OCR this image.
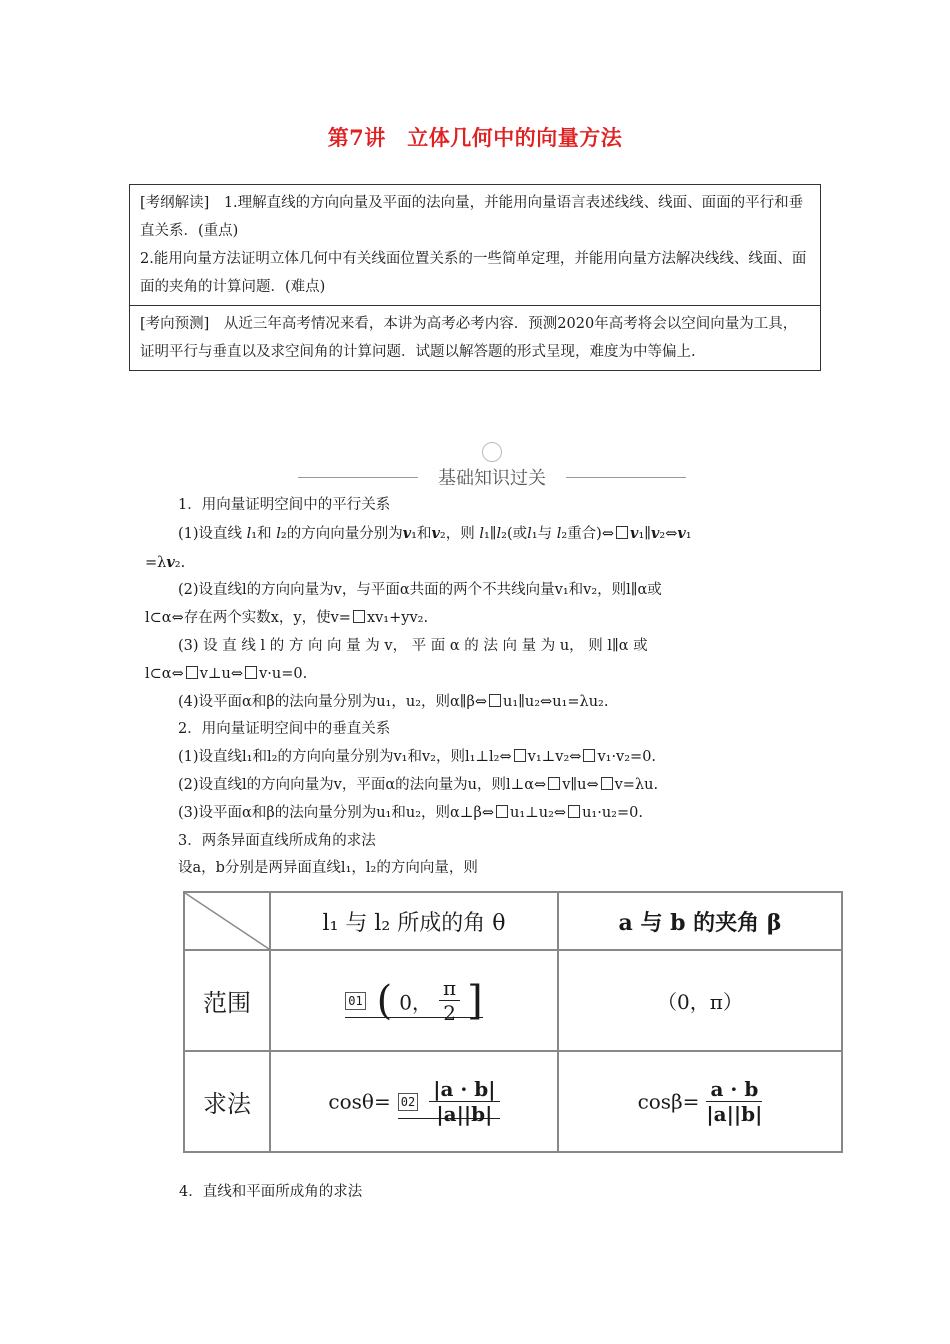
第7讲　立体几何中的向量方法

[考纲解读]　1.理解直线的方向向量及平面的法向量，并能用向量语言表述线线、线面、面面的平行和垂直关系．(重点)

2.能用向量方法证明立体几何中有关线面位置关系的一些简单定理，并能用向量方法解决线线、线面、面面的夹角的计算问题．(难点)

[考向预测]　从近三年高考情况来看，本讲为高考必考内容．预测2020年高考将会以空间向量为工具，证明平行与垂直以及求空间角的计算问题．试题以解答题的形式呈现，难度为中等偏上.

基础知识过关

1．用向量证明空间中的平行关系

(1)设直线 l₁和 l₂的方向向量分别为v₁和v₂，则 l₁∥l₂(或l₁与 l₂重合)⇔ v₁∥v₂⇔v₁

=λv₂.

(2)设直线l的方向向量为v，与平面α共面的两个不共线向量v₁和v₂，则l∥α或

l⊂α⇔存在两个实数x，y，使v= xv₁+yv₂.

(3) 设 直 线 l 的 方 向 向 量 为 v， 平 面 α 的 法 向 量 为 u， 则 l∥α 或

l⊂α⇔ v⊥u⇔ v·u=0.

(4)设平面α和β的法向量分别为u₁，u₂，则α∥β⇔ u₁∥u₂⇔u₁=λu₂.

2．用向量证明空间中的垂直关系

(1)设直线l₁和l₂的方向向量分别为v₁和v₂，则l₁⊥l₂⇔ v₁⊥v₂⇔ v₁·v₂=0.

(2)设直线l的方向向量为v，平面α的法向量为u，则l⊥α⇔ v∥u⇔ v=λu.

(3)设平面α和β的法向量分别为u₁和u₂，则α⊥β⇔ u₁⊥u₂⇔ u₁·u₂=0.

3．两条异面直线所成角的求法

设a，b分别是两异面直线l₁，l₂的方向向量，则

	l₁ 与 l₂ 所成的角 θ	a 与 b 的夹角 β
范围	01 ( 0， $\frac{\pi}{2}$ ]	（0，π）
求法	$\cos\theta= 02 \frac{|a \cdot b|}{|a||b|}$	$\cos\beta= \frac{a \cdot b}{|a||b|}$
4．直线和平面所成角的求法
